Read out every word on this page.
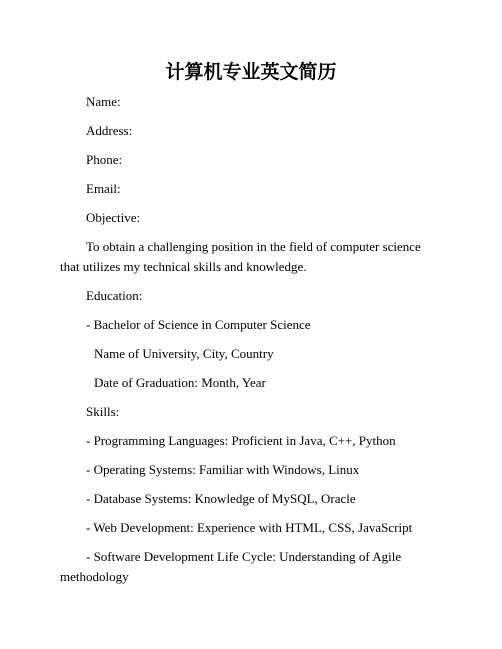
计算机专业英文简历

Name:

Address:

Phone:

Email:

Objective:

To obtain a challenging position in the field of computer science that utilizes my technical skills and knowledge.

Education:

- Bachelor of Science in Computer Science

Name of University, City, Country

Date of Graduation: Month, Year

Skills:

- Programming Languages: Proficient in Java, C++, Python

- Operating Systems: Familiar with Windows, Linux

- Database Systems: Knowledge of MySQL, Oracle

- Web Development: Experience with HTML, CSS, JavaScript

- Software Development Life Cycle: Understanding of Agile methodology
